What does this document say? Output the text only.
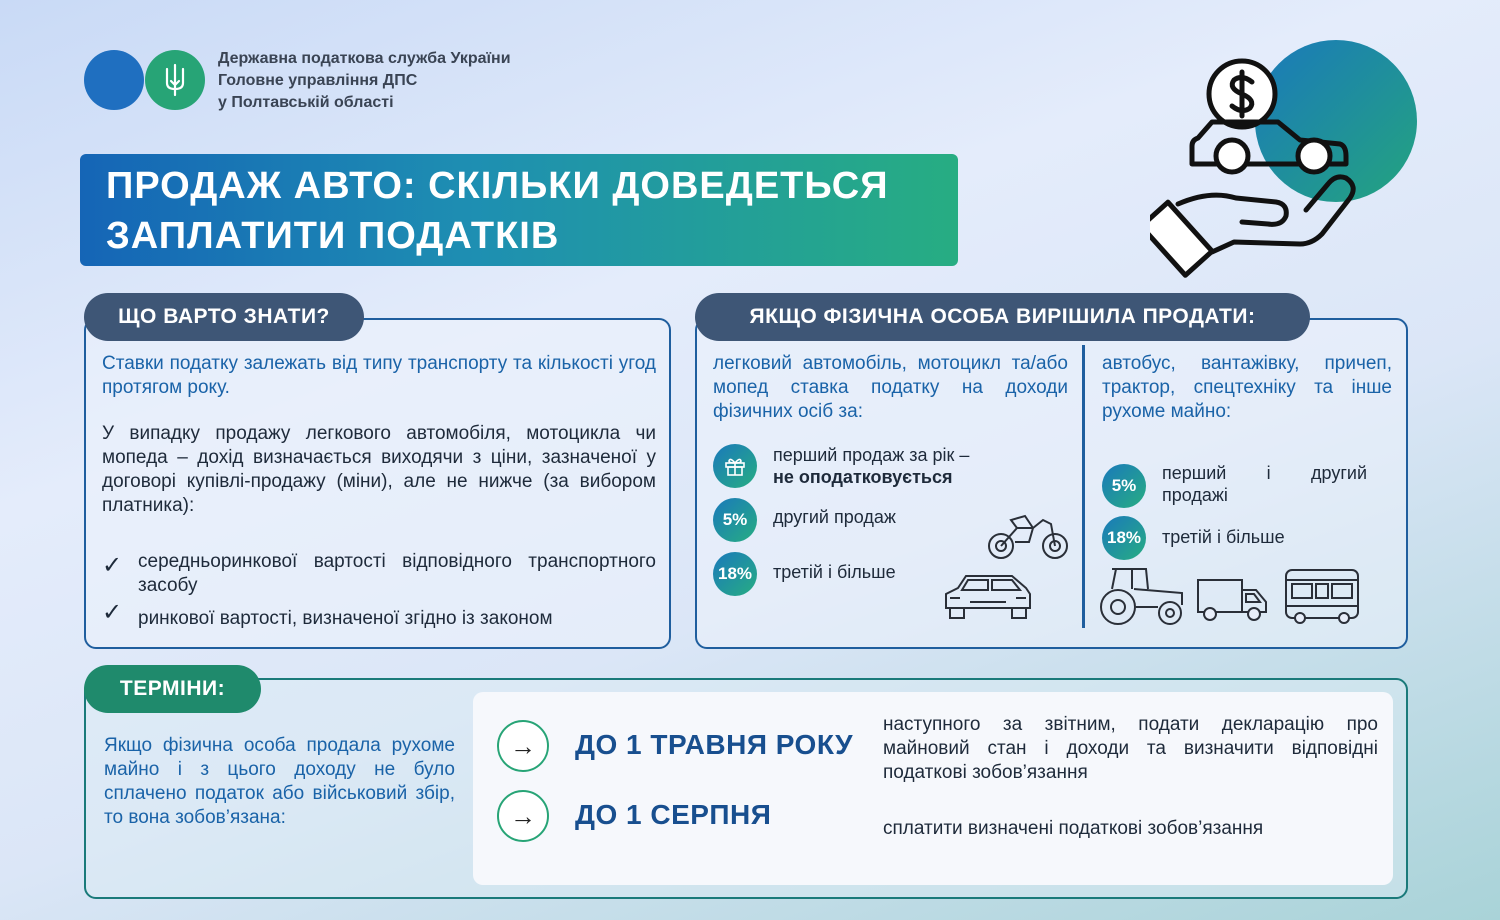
Державна податкова служба України
Головне управління ДПС
у Полтавській області
ПРОДАЖ АВТО: СКІЛЬКИ ДОВЕДЕТЬСЯ
ЗАПЛАТИТИ ПОДАТКІВ
ЩО ВАРТО ЗНАТИ?
Ставки податку залежать від типу транспорту та кількості угод протягом року.
У випадку продажу легкового автомобіля, мотоцикла чи мопеда – дохід визначається виходячи з ціни, зазначеної у договорі купівлі-продажу (міни), але не нижче (за вибором платника):
✓ середньоринкової вартості відповідного транспортного засобу
✓ ринкової вартості, визначеної згідно із законом
ЯКЩО ФІЗИЧНА ОСОБА ВИРІШИЛА ПРОДАТИ:
легковий автомобіль, мотоцикл та/або мопед ставка податку на доходи фізичних осіб за:
перший продаж за рік –
не оподатковується
5%	другий продаж
18% третій і більше
автобус, вантажівку, причеп, трактор, спецтехніку та інше рухоме майно:
5%
перший і другий продажі
18% третій і більше
ТЕРМІНИ:
Якщо фізична особа продала рухоме майно і з цього доходу не було сплачено податок або військовий збір, то вона зобов’язана:
→ ДО 1 ТРАВНЯ РОКУ
наступного за звітним, подати декларацію про майновий стан і доходи та визначити відповідні податкові зобов’язання
→ ДО 1 СЕРПНЯ	сплатити визначені податкові зобов’язання
